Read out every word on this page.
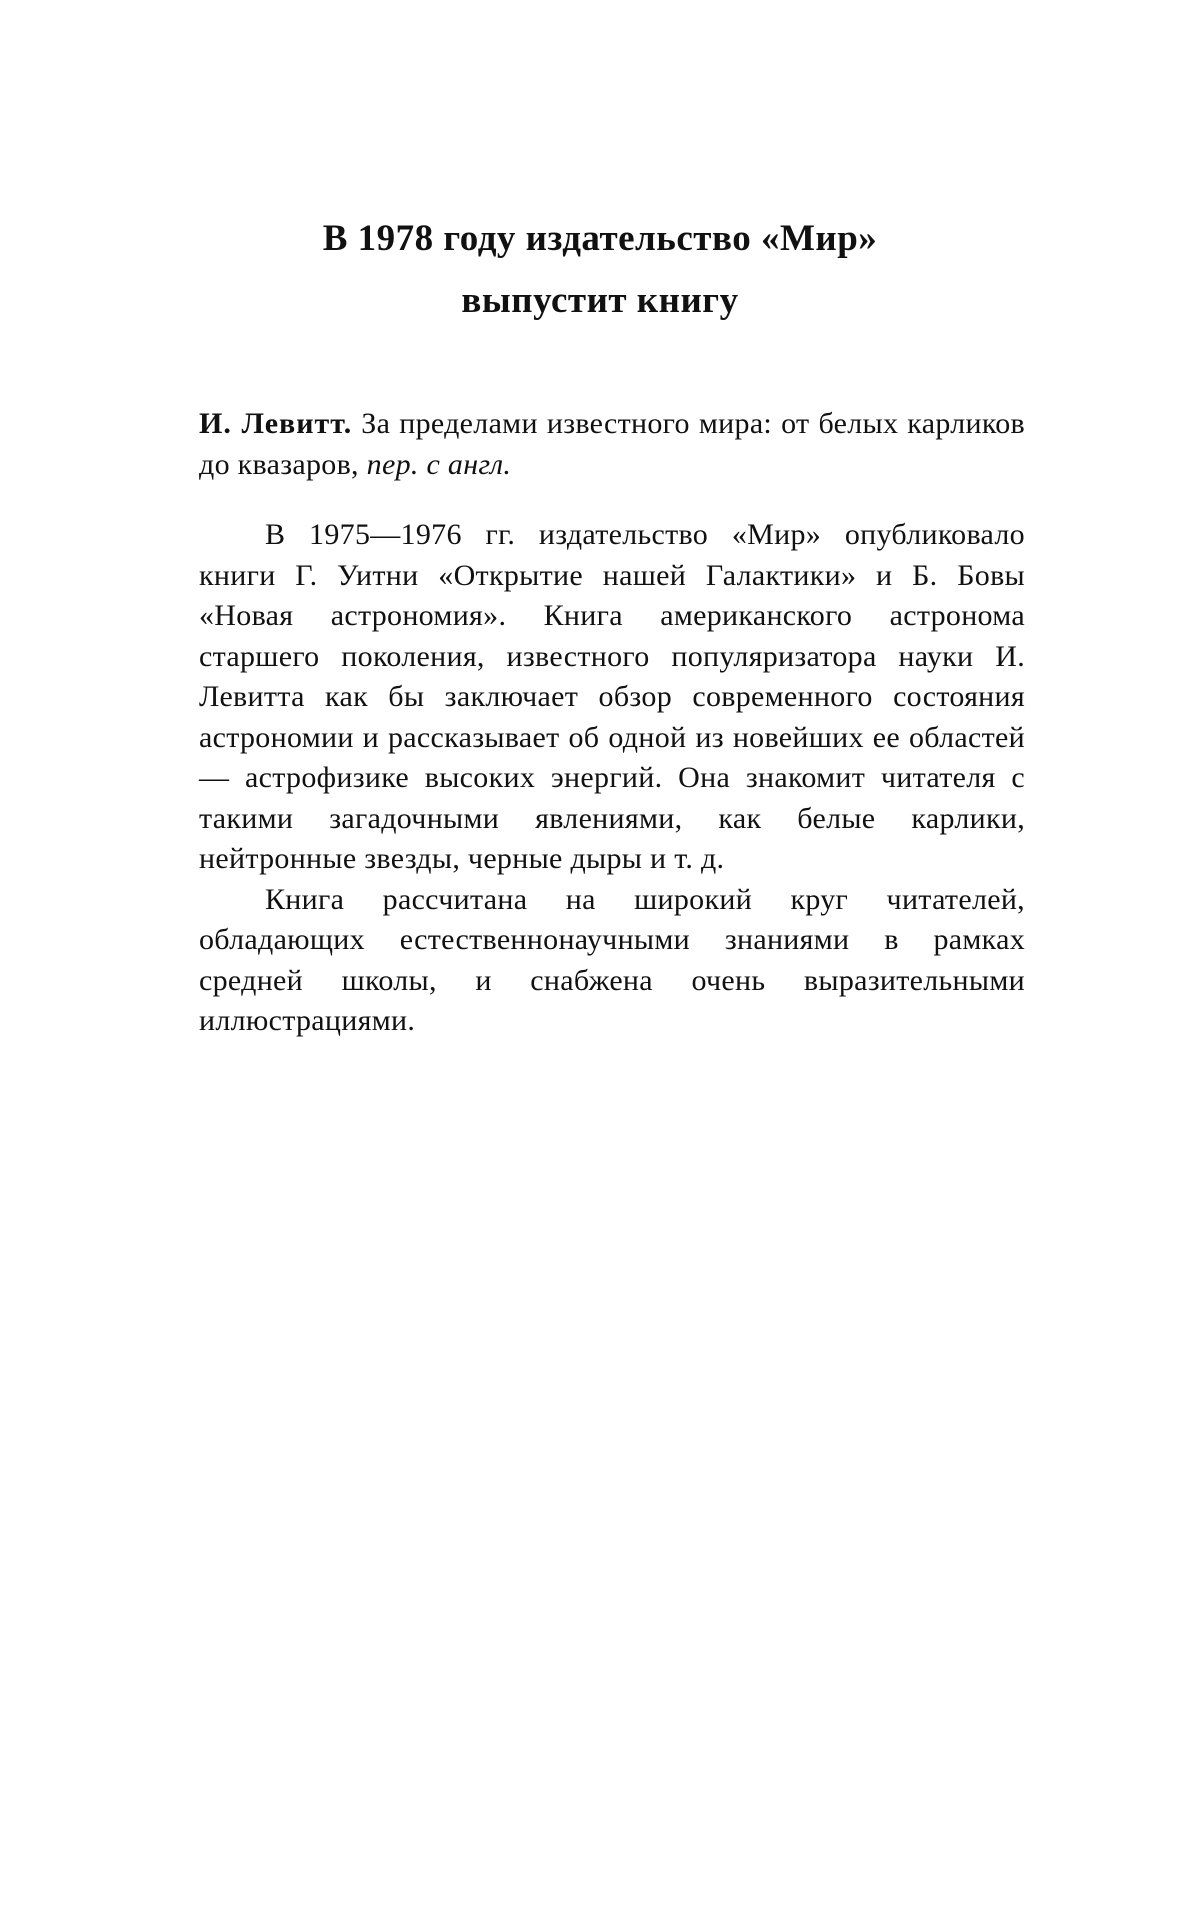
В 1978 году издательство «Мир»
выпустит книгу
И. Левитт. За пределами известного мира: от белых карликов до квазаров, пер. с англ.

В 1975—1976 гг. издательство «Мир» опубликовало книги Г. Уитни «Открытие нашей Галактики» и Б. Бовы «Новая астрономия». Книга американского астронома старшего поколения, известного популяризатора науки И. Левитта как бы заключает обзор современного состояния астрономии и рассказывает об одной из новейших ее областей — астрофизике высоких энергий. Она знакомит читателя с такими загадочными явлениями, как белые карлики, нейтронные звезды, черные дыры и т. д.

Книга рассчитана на широкий круг читателей, обладающих естественнонаучными знаниями в рамках средней школы, и снабжена очень выразительными иллюстрациями.
